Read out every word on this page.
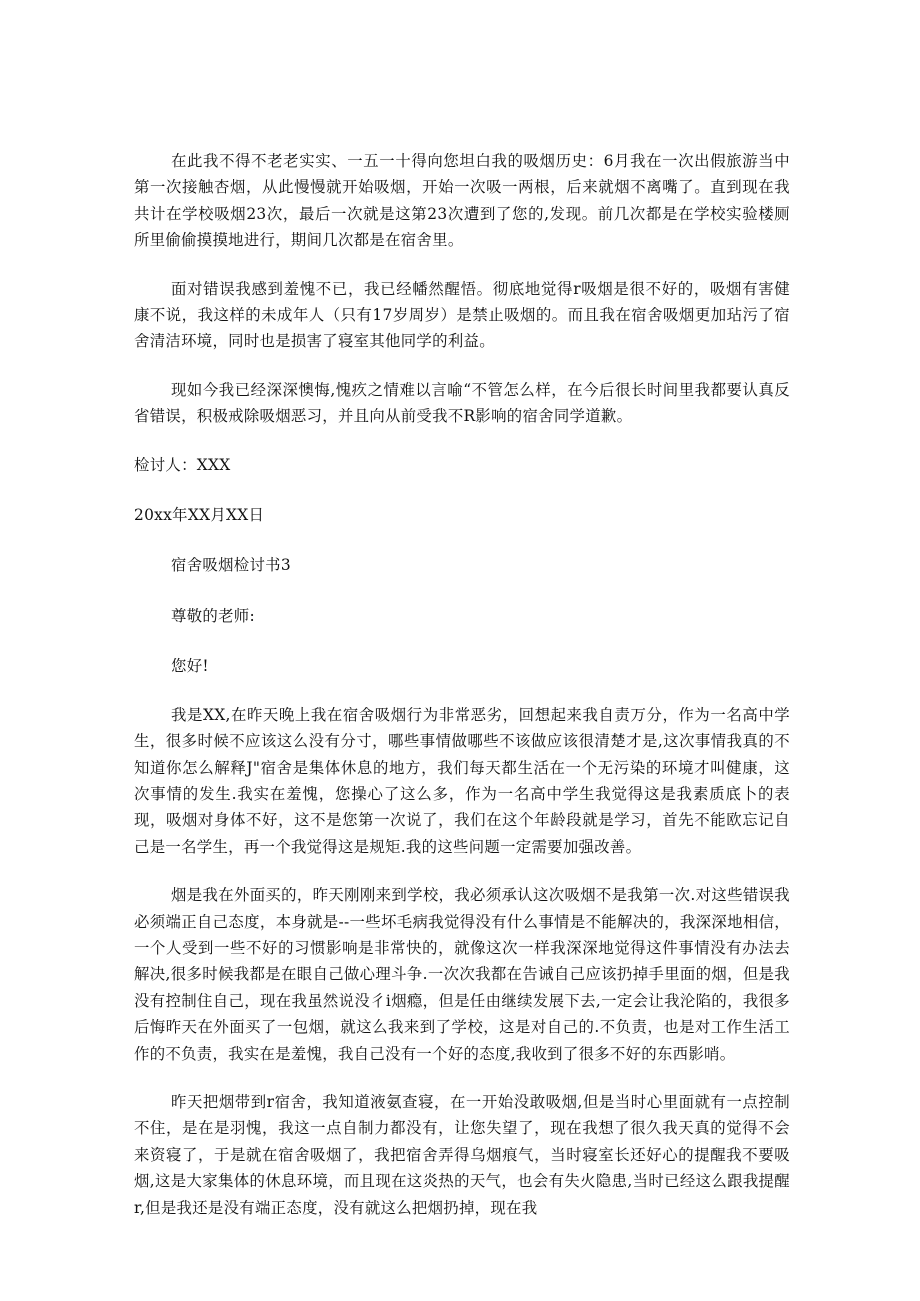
在此我不得不老老实实、一五一十得向您坦白我的吸烟历史：6月我在一次出假旅游当中第一次接触杏烟，从此慢慢就开始吸烟，开始一次吸一两根，后来就烟不离嘴了。直到现在我共计在学校吸烟23次，最后一次就是这第23次遭到了您的,发现。前几次都是在学校实验楼厕所里偷偷摸摸地进行，期间几次都是在宿舍里。

面对错误我感到羞愧不已，我已经幡然醒悟。彻底地觉得r吸烟是很不好的，吸烟有害健康不说，我这样的未成年人（只有17岁周岁）是禁止吸烟的。而且我在宿舍吸烟更加玷污了宿舍清洁环境，同时也是损害了寝室其他同学的利益。

现如今我已经深深懊悔,愧疚之情难以言喻“不管怎么样，在今后很长时间里我都要认真反省错误，积极戒除吸烟恶习，并且向从前受我不R影响的宿舍同学道歉。

检讨人：XXX

20xx年XX月XX日

宿舍吸烟检讨书3

尊敬的老师:

您好!

我是XX,在昨天晚上我在宿舍吸烟行为非常恶劣，回想起来我自责万分，作为一名高中学生，很多时候不应该这么没有分寸，哪些事情做哪些不该做应该很清楚才是,这次事情我真的不知道你怎么解释J"宿舍是集体休息的地方，我们每天都生活在一个无污染的环境才叫健康，这次事情的发生.我实在羞愧，您操心了这么多，作为一名高中学生我觉得这是我素质底卜的表现，吸烟对身体不好，这不是您第一次说了，我们在这个年龄段就是学习，首先不能欧忘记自己是一名学生，再一个我觉得这是规矩.我的这些问题一定需要加强改善。

烟是我在外面买的，昨天刚刚来到学校，我必须承认这次吸烟不是我第一次.对这些错误我必须端正自己态度，本身就是--一些坏毛病我觉得没有什么事情是不能解决的，我深深地相信，一个人受到一些不好的习惯影响是非常快的，就像这次一样我深深地觉得这件事情没有办法去解决,很多时候我都是在眼自己做心理斗争.一次次我都在告诫自己应该扔掉手里面的烟，但是我没有控制住自己，现在我虽然说没彳i烟瘾，但是任由继续发展下去,一定会让我沦陷的，我很多后悔昨天在外面买了一包烟，就这么我来到了学校，这是对自己的.不负责，也是对工作生活工作的不负责，我实在是羞愧，我自己没有一个好的态度,我收到了很多不好的东西影哨。

昨天把烟带到r宿舍，我知道液氨查寝，在一开始没敢吸烟,但是当时心里面就有一点控制不住，是在是羽愧，我这一点自制力都没有，让您失望了，现在我想了很久我天真的觉得不会来资寝了，于是就在宿舍吸烟了，我把宿舍弄得乌烟痕气，当时寝室长还好心的提醒我不要吸烟,这是大家集体的休息环境，而且现在这炎热的天气，也会有失火隐患,当时已经这么跟我提醒r,但是我还是没有端正态度，没有就这么把烟扔掉，现在我
